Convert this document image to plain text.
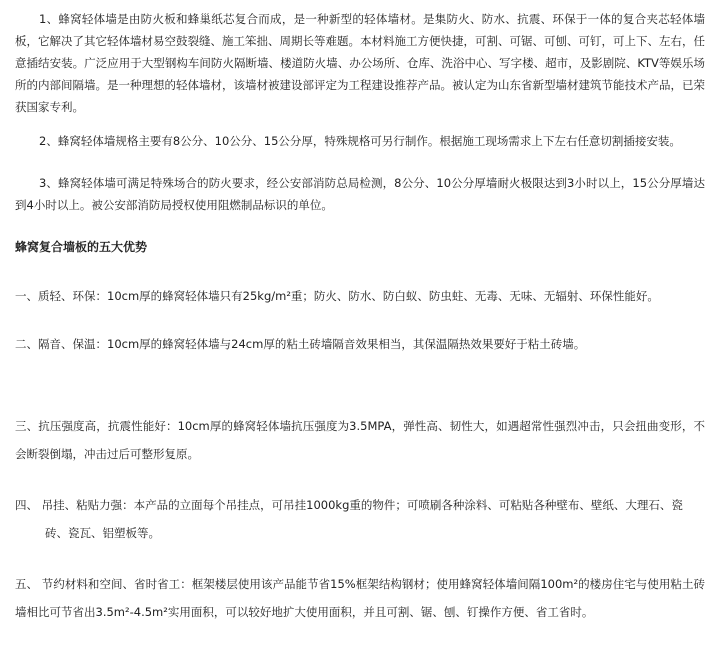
1、蜂窝轻体墙是由防火板和蜂巢纸芯复合而成，是一种新型的轻体墙材。是集防火、防水、抗震、环保于一体的复合夹芯轻体墙板，它解决了其它轻体墙材易空鼓裂缝、施工笨拙、周期长等难题。本材料施工方便快捷，可割、可锯、可刨、可钉，可上下、左右，任意插结安装。广泛应用于大型钢构车间防火隔断墙、楼道防火墙、办公场所、仓库、洗浴中心、写字楼、超市，及影剧院、KTV等娱乐场所的内部间隔墙。是一种理想的轻体墙材，该墙材被建设部评定为工程建设推荐产品。被认定为山东省新型墙材建筑节能技术产品，已荣获国家专利。

2、蜂窝轻体墙规格主要有8公分、10公分、15公分厚，特殊规格可另行制作。根据施工现场需求上下左右任意切割插接安装。

3、蜂窝轻体墙可满足特殊场合的防火要求，经公安部消防总局检测，8公分、10公分厚墙耐火极限达到3小时以上，15公分厚墙达到4小时以上。被公安部消防局授权使用阻燃制品标识的单位。

蜂窝复合墙板的五大优势

一、质轻、环保：10cm厚的蜂窝轻体墙只有25kg/m²重；防火、防水、防白蚁、防虫蛀、无毒、无味、无辐射、环保性能好。

二、隔音、保温：10cm厚的蜂窝轻体墙与24cm厚的粘土砖墙隔音效果相当，其保温隔热效果要好于粘土砖墙。

三、抗压强度高，抗震性能好：10cm厚的蜂窝轻体墙抗压强度为3.5MPA，弹性高、韧性大，如遇超常性强烈冲击，只会扭曲变形，不会断裂倒塌，冲击过后可整形复原。

四、 吊挂、粘贴力强：本产品的立面每个吊挂点，可吊挂1000kg重的物件；可喷刷各种涂料、可粘贴各种壁布、壁纸、大理石、瓷
砖、瓷瓦、铝塑板等。

五、 节约材料和空间、省时省工：框架楼层使用该产品能节省15%框架结构钢材；使用蜂窝轻体墙间隔100m²的楼房住宅与使用粘土砖墙相比可节省出3.5m²-4.5m²实用面积，可以较好地扩大使用面积，并且可割、锯、刨、钉操作方便、省工省时。
